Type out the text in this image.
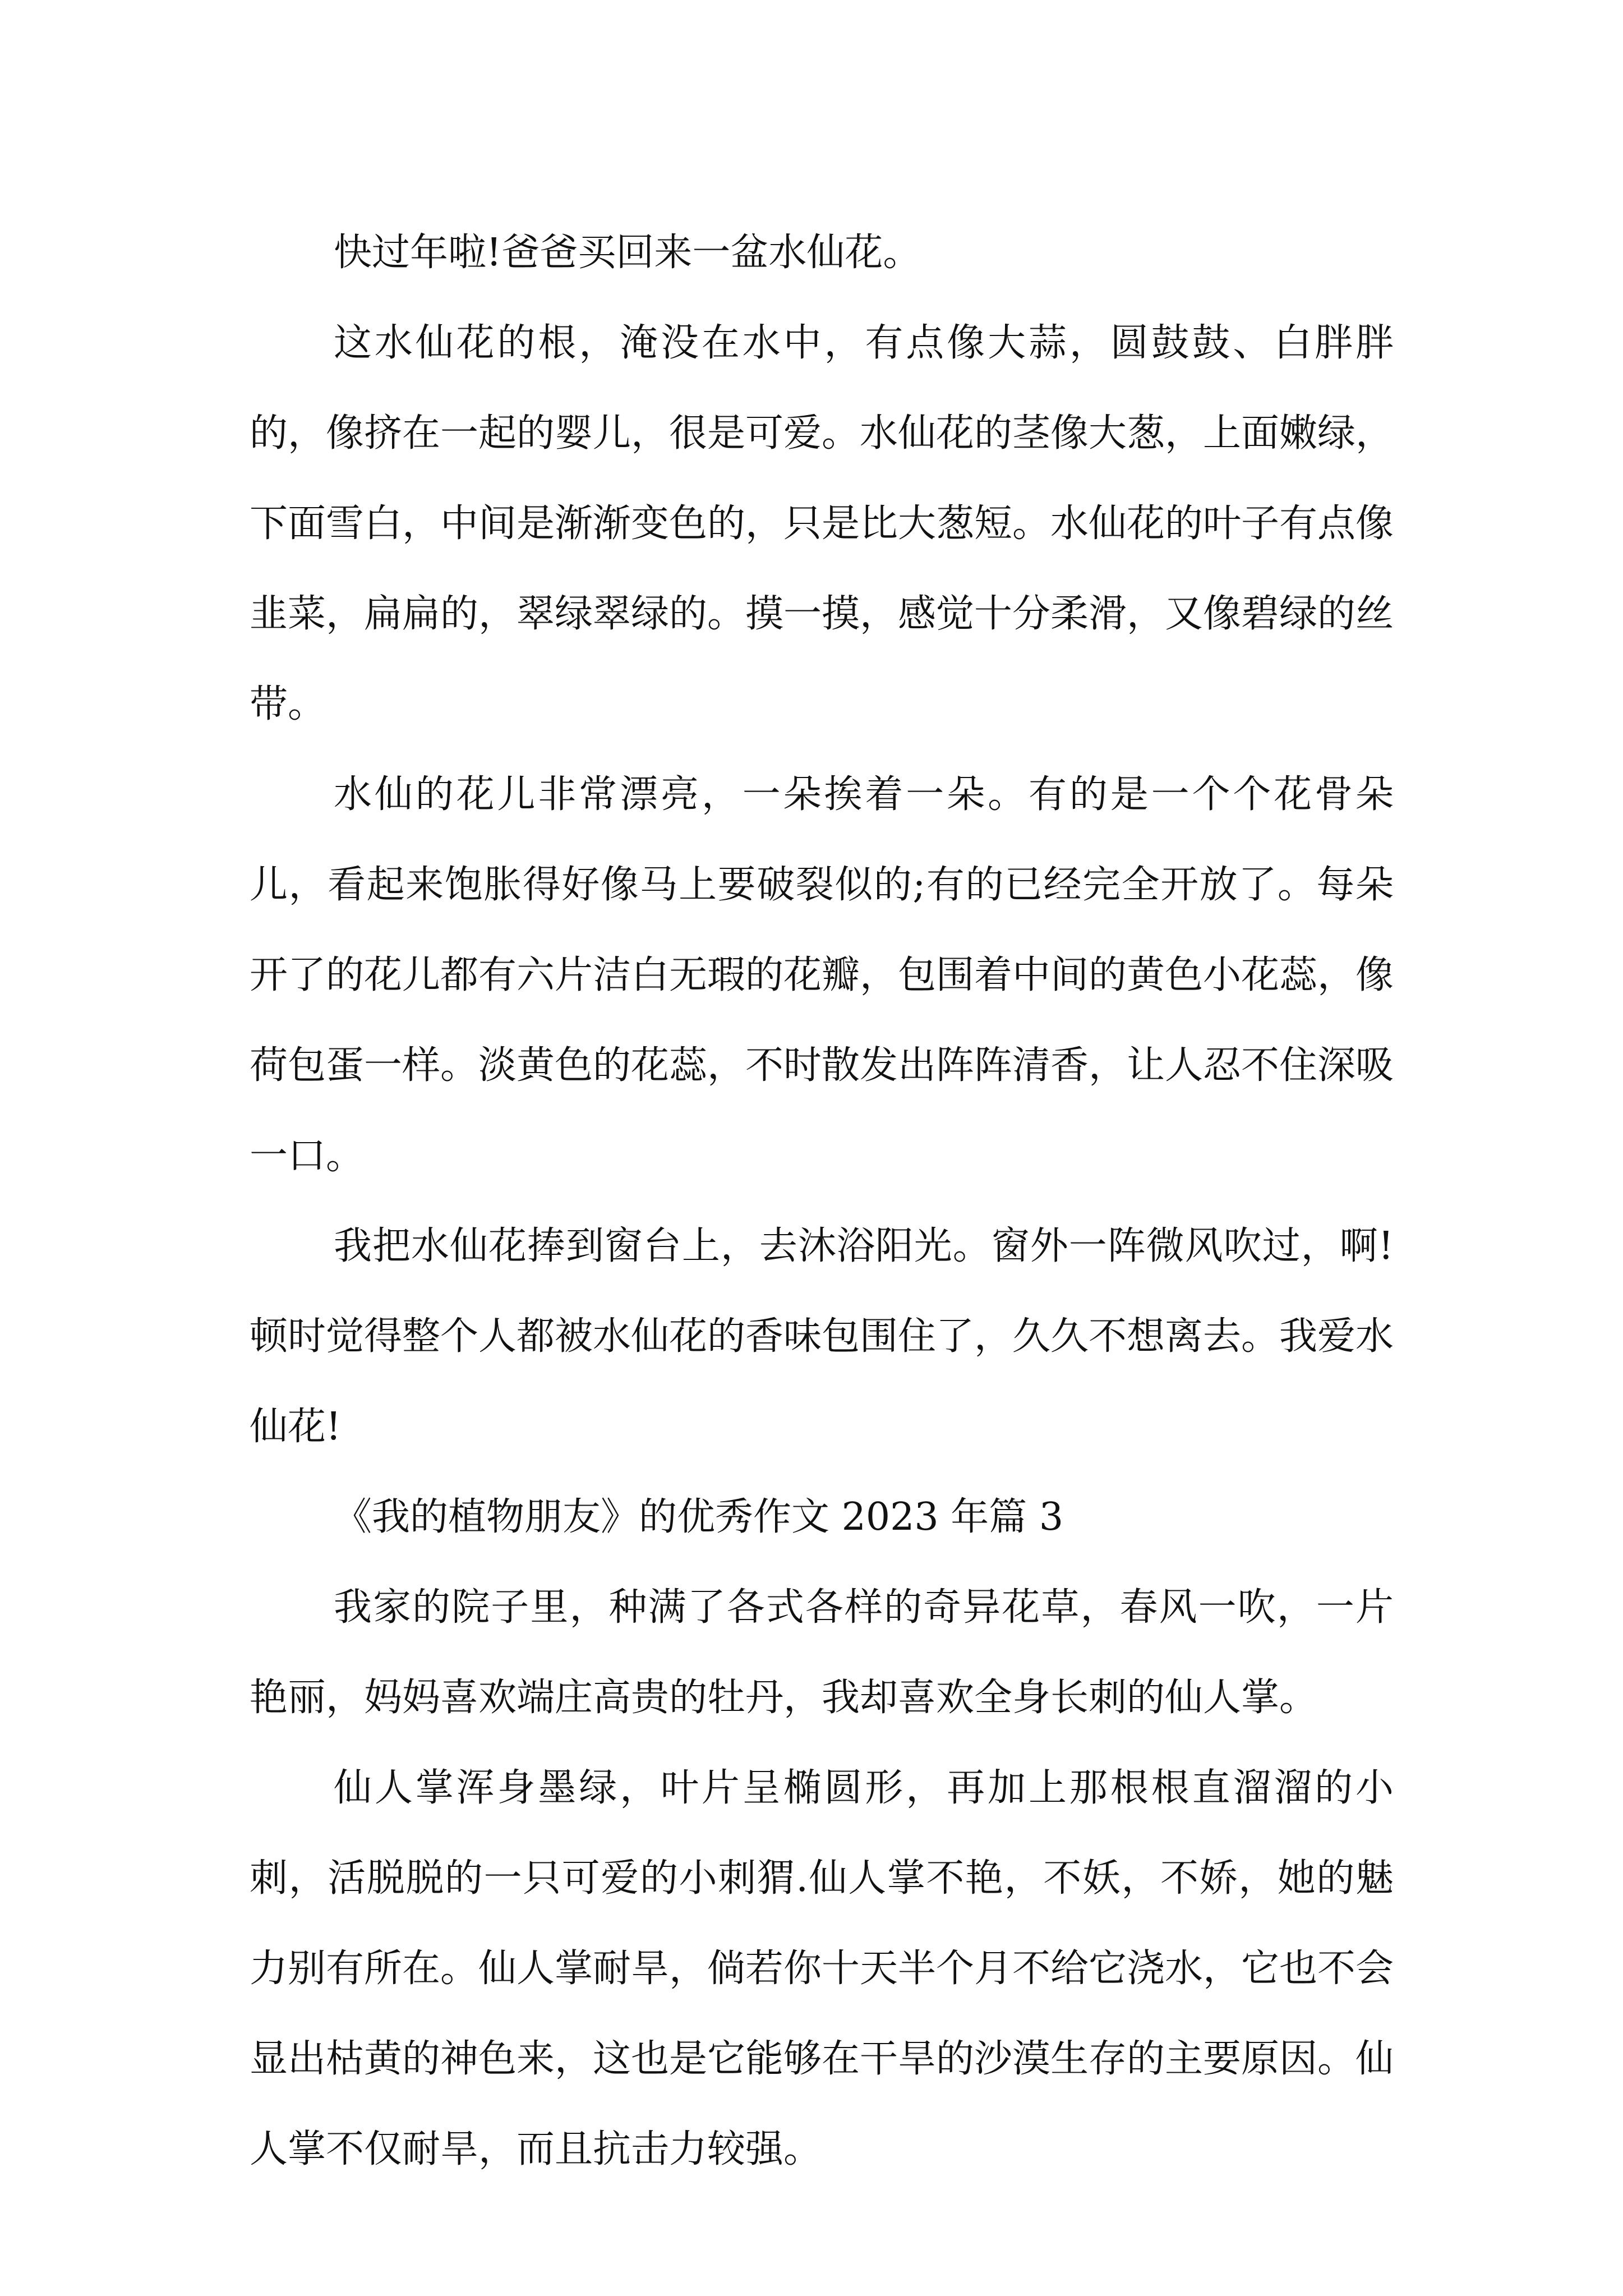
快过年啦!爸爸买回来一盆水仙花。

这水仙花的根，淹没在水中，有点像大蒜，圆鼓鼓、白胖胖的，像挤在一起的婴儿，很是可爱。水仙花的茎像大葱，上面嫩绿，下面雪白，中间是渐渐变色的，只是比大葱短。水仙花的叶子有点像韭菜，扁扁的，翠绿翠绿的。摸一摸，感觉十分柔滑，又像碧绿的丝带。

水仙的花儿非常漂亮，一朵挨着一朵。有的是一个个花骨朵儿，看起来饱胀得好像马上要破裂似的;有的已经完全开放了。每朵开了的花儿都有六片洁白无瑕的花瓣，包围着中间的黄色小花蕊，像荷包蛋一样。淡黄色的花蕊，不时散发出阵阵清香，让人忍不住深吸一口。

我把水仙花捧到窗台上，去沐浴阳光。窗外一阵微风吹过，啊!顿时觉得整个人都被水仙花的香味包围住了，久久不想离去。我爱水仙花!

《我的植物朋友》的优秀作文 2023 年篇 3

我家的院子里，种满了各式各样的奇异花草，春风一吹，一片艳丽，妈妈喜欢端庄高贵的牡丹，我却喜欢全身长刺的仙人掌。

仙人掌浑身墨绿，叶片呈椭圆形，再加上那根根直溜溜的小刺，活脱脱的一只可爱的小刺猬.仙人掌不艳，不妖，不娇，她的魅力别有所在。仙人掌耐旱，倘若你十天半个月不给它浇水，它也不会显出枯黄的神色来，这也是它能够在干旱的沙漠生存的主要原因。仙人掌不仅耐旱，而且抗击力较强。
